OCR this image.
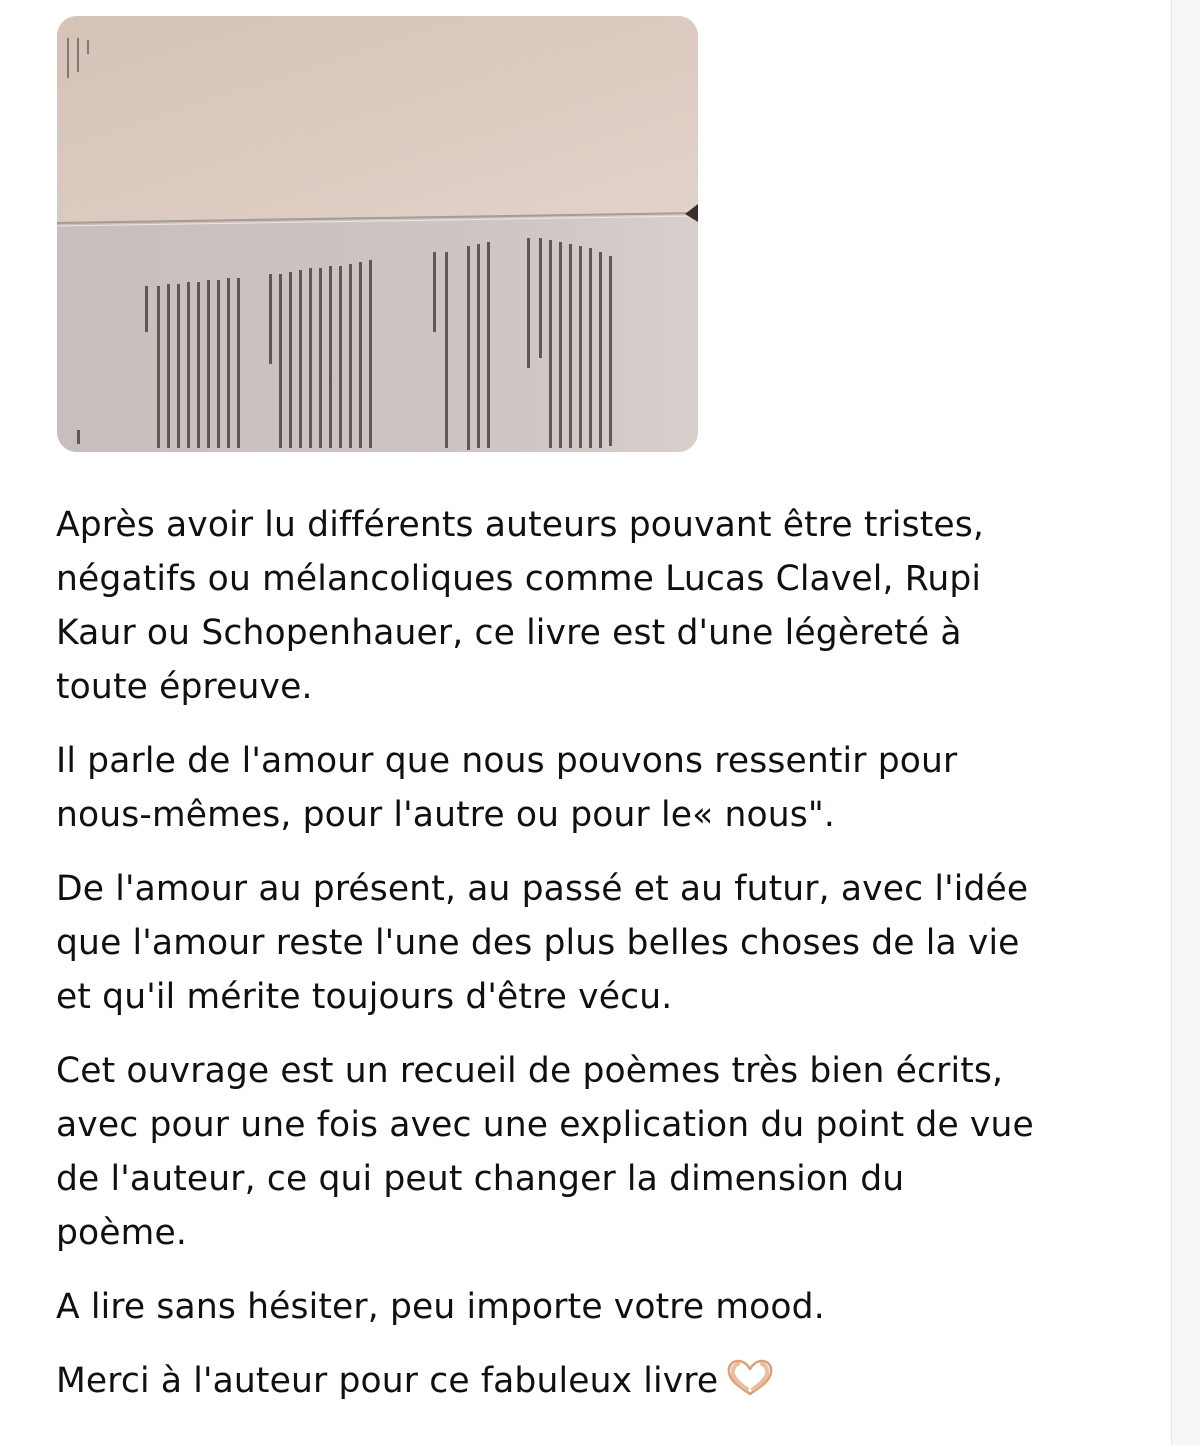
Après avoir lu différents auteurs pouvant être tristes,
négatifs ou mélancoliques comme Lucas Clavel, Rupi
Kaur ou Schopenhauer, ce livre est d'une légèreté à
toute épreuve.

Il parle de l'amour que nous pouvons ressentir pour
nous-mêmes, pour l'autre ou pour le« nous".

De l'amour au présent, au passé et au futur, avec l'idée
que l'amour reste l'une des plus belles choses de la vie
et qu'il mérite toujours d'être vécu.

Cet ouvrage est un recueil de poèmes très bien écrits,
avec pour une fois avec une explication du point de vue
de l'auteur, ce qui peut changer la dimension du
poème.

A lire sans hésiter, peu importe votre mood.

Merci à l'auteur pour ce fabuleux livre
